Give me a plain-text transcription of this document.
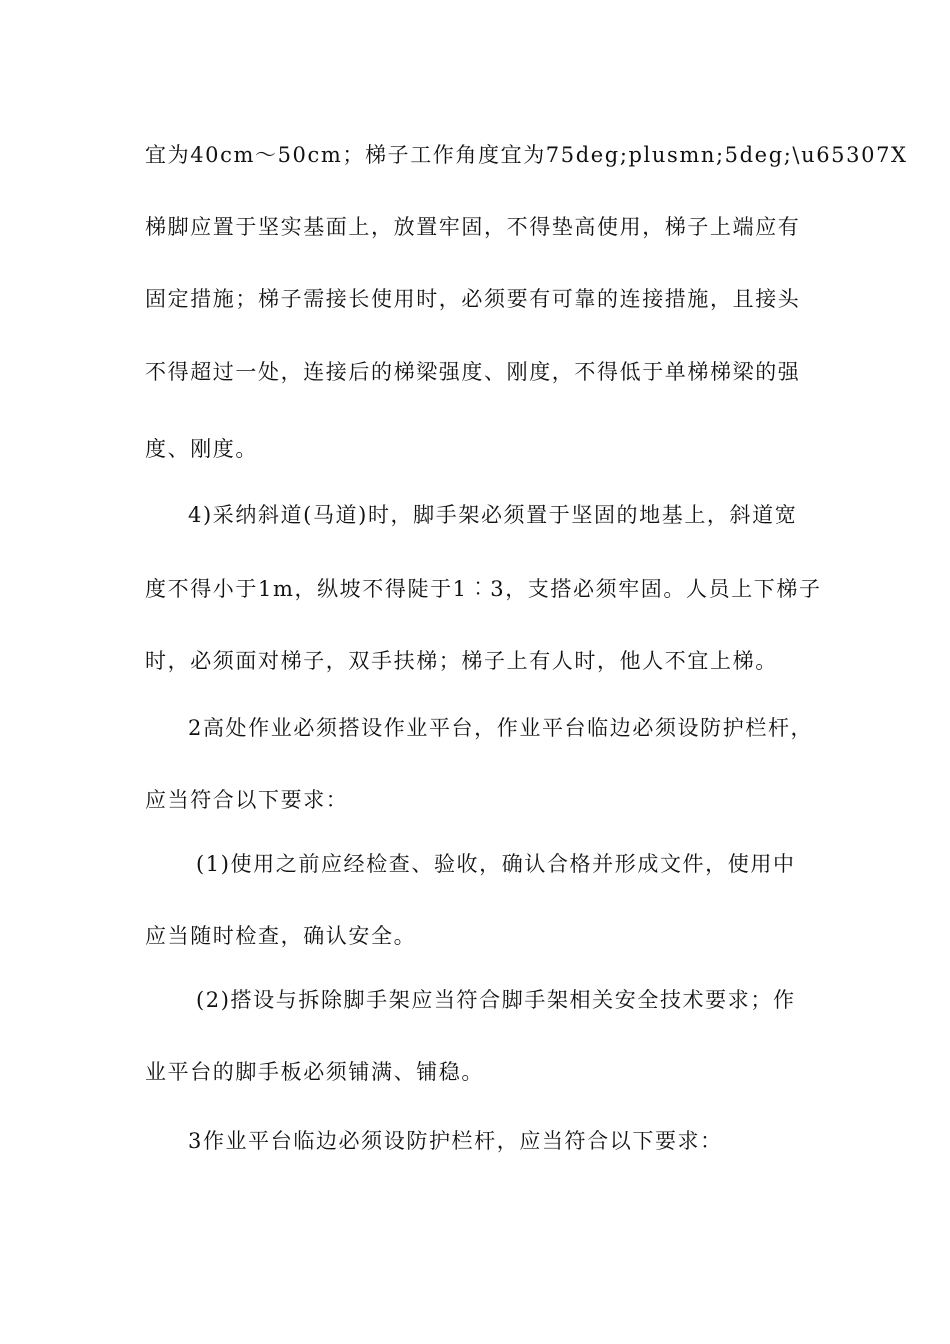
宜为40cm～50cm；梯子工作角度宜为75deg;plusmn;5deg;\u65307X
梯脚应置于坚实基面上，放置牢固，不得垫高使用，梯子上端应有
固定措施；梯子需接长使用时，必须要有可靠的连接措施，且接头
不得超过一处，连接后的梯梁强度、刚度，不得低于单梯梯梁的强
度、刚度。
4)采纳斜道(马道)时，脚手架必须置于坚固的地基上，斜道宽
度不得小于1m，纵坡不得陡于1︰3，支搭必须牢固。人员上下梯子
时，必须面对梯子，双手扶梯；梯子上有人时，他人不宜上梯。
2高处作业必须搭设作业平台，作业平台临边必须设防护栏杆，
应当符合以下要求：
(1)使用之前应经检查、验收，确认合格并形成文件，使用中
应当随时检查，确认安全。
(2)搭设与拆除脚手架应当符合脚手架相关安全技术要求；作
业平台的脚手板必须铺满、铺稳。
3作业平台临边必须设防护栏杆，应当符合以下要求：
